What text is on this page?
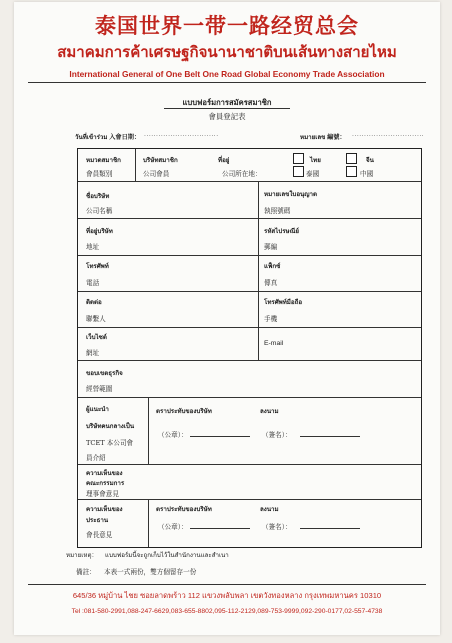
泰国世界一带一路经贸总会
สมาคมการค้าเศรษฐกิจนานาชาติบนเส้นทางสายไหม
International General of One Belt One Road Global Economy Trade Association
แบบฟอร์มการสมัครสมาชิก
會員登記表
วันที่เข้าร่วม 入會日期： ...............................	หมายเลข 編號： ..............................
หมวดสมาชิก
會員類別
บริษัทสมาชิก
公司會員
ที่อยู่
公司所在地：
ไทย
泰國
จีน
中國
ชื่อบริษัท
公司名稱
หมายเลขใบอนุญาต
執照號碼
ที่อยู่บริษัท
地址
รหัสไปรษณีย์
郵編
โทรศัพท์
電話
แฟ็กซ์
傳真
ติดต่อ
聯繫人
โทรศัพท์มือถือ
手機
เว็บไซต์
網址
E-mail
ขอบเขตธุรกิจ
經營範圍
ผู้แนะนำ
บริษัทคนกลางเป็น
TCET 本公司會
員介紹
ตราประทับของบริษัท
（公章）：
ลงนาม
（簽名）：
ความเห็นของ
คณะกรรมการ
理事會意見
ความเห็นของ
ประธาน
會長意見
ตราประทับของบริษัท
（公章）：
ลงนาม
（簽名）：
หมายเหตุ： แบบฟอร์มนี้จะถูกเก็บไว้ในสำนักงานและสำเนา
備註： 本表一式兩份，雙方個留存一份
645/36 หมู่บ้าน ไชย ซอยลาดพร้าว 112 แขวงพลับพลา เขตวังทองหลาง กรุงเทพมหานคร 10310
Tel :081-580-2991,088-247-6629,083-655-8802,095-112-2129,089-753-9999,092-290-0177,02-557-4738
